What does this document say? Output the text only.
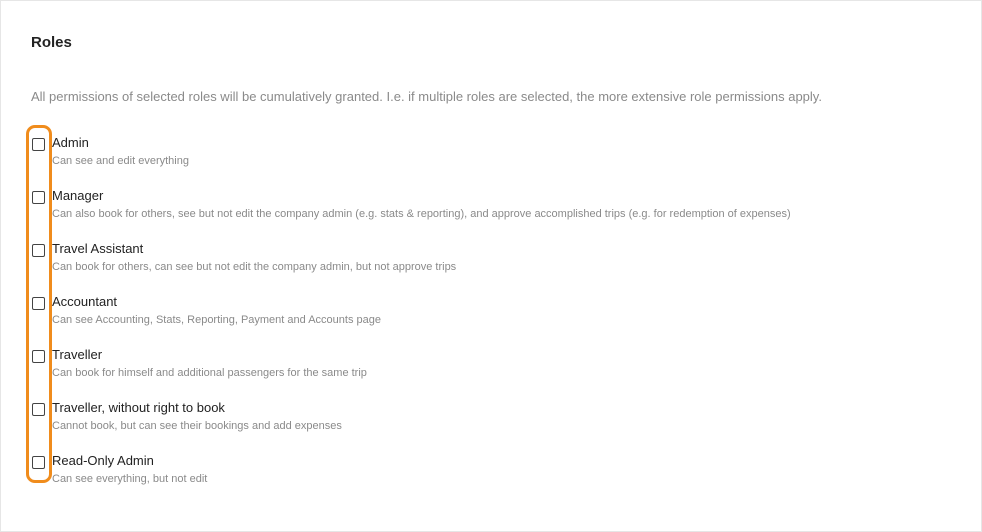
Roles

All permissions of selected roles will be cumulatively granted. I.e. if multiple roles are selected, the more extensive role permissions apply.

Admin
Can see and edit everything
Manager
Can also book for others, see but not edit the company admin (e.g. stats & reporting), and approve accomplished trips (e.g. for redemption of expenses)
Travel Assistant
Can book for others, can see but not edit the company admin, but not approve trips
Accountant
Can see Accounting, Stats, Reporting, Payment and Accounts page
Traveller
Can book for himself and additional passengers for the same trip
Traveller, without right to book
Cannot book, but can see their bookings and add expenses
Read-Only Admin
Can see everything, but not edit
